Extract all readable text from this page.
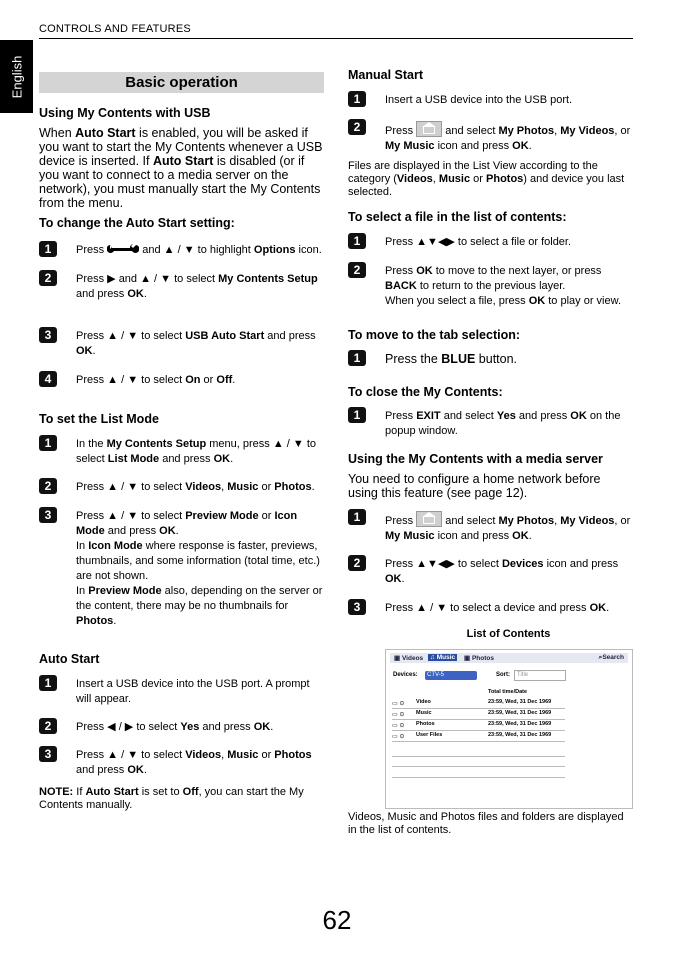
CONTROLS AND FEATURES
English	Basic operation

Using My Contents with USB

When Auto Start is enabled, you will be asked if you want to start the My Contents whenever a USB device is inserted. If Auto Start is disabled (or if you want to connect to a media server on the network), you must manually start the My Contents from the menu.

To change the Auto Start setting:

1	Press	and ▲ / ▼ to highlight Options icon.
2	Press ▶ and ▲ / ▼ to select My Contents Setup and press OK.
3	Press ▲ / ▼ to select USB Auto Start and press OK.
4	Press ▲ / ▼ to select On or Off.

To set the List Mode

1	In the My Contents Setup menu, press ▲ / ▼ to select List Mode and press OK.
2	Press ▲ / ▼ to select Videos, Music or Photos.
3	Press ▲ / ▼ to select Preview Mode or Icon Mode and press OK.
In Icon Mode where response is faster, previews, thumbnails, and some information (total time, etc.) are not shown.
In Preview Mode also, depending on the server or the content, there may be no thumbnails for Photos.

Auto Start

1	Insert a USB device into the USB port. A prompt will appear.
2	Press ◀ / ▶ to select Yes and press OK.
3	Press ▲ / ▼ to select Videos, Music or Photos and press OK.

NOTE: If Auto Start is set to Off, you can start the My Contents manually.

Manual Start

1	Insert a USB device into the USB port.
2	Press  and select My Photos, My Videos, or My Music icon and press OK.

Files are displayed in the List View according to the category (Videos, Music or Photos) and device you last selected.

To select a file in the list of contents:

1	Press ▲▼◀▶ to select a file or folder.
2	Press OK to move to the next layer, or press BACK to return to the previous layer.
When you select a file, press OK to play or view.

To move to the tab selection:

1	Press the BLUE button.

To close the My Contents:

1	Press EXIT and select Yes and press OK on the popup window.

Using the My Contents with a media server

You need to configure a home network before using this feature (see page 12).

1	Press  and select My Photos, My Videos, or My Music icon and press OK.
2	Press ▲▼◀▶ to select Devices icon and press OK.
3	Press ▲ / ▼ to select a device and press OK.

List of Contents

▣ Videos	♫ Music	▣ Photos	⌕Search
Devices:	CTV-5	Sort:	Title
Total time/Date
▭ ⊙	Video	23:59, Wed, 31 Dec 1969
▭ ⊙	Music	23:59, Wed, 31 Dec 1969
▭ ⊙	Photos	23:59, Wed, 31 Dec 1969
▭ ⊙	User Files	23:59, Wed, 31 Dec 1969

Videos, Music and Photos files and folders are displayed in the list of contents.

62
